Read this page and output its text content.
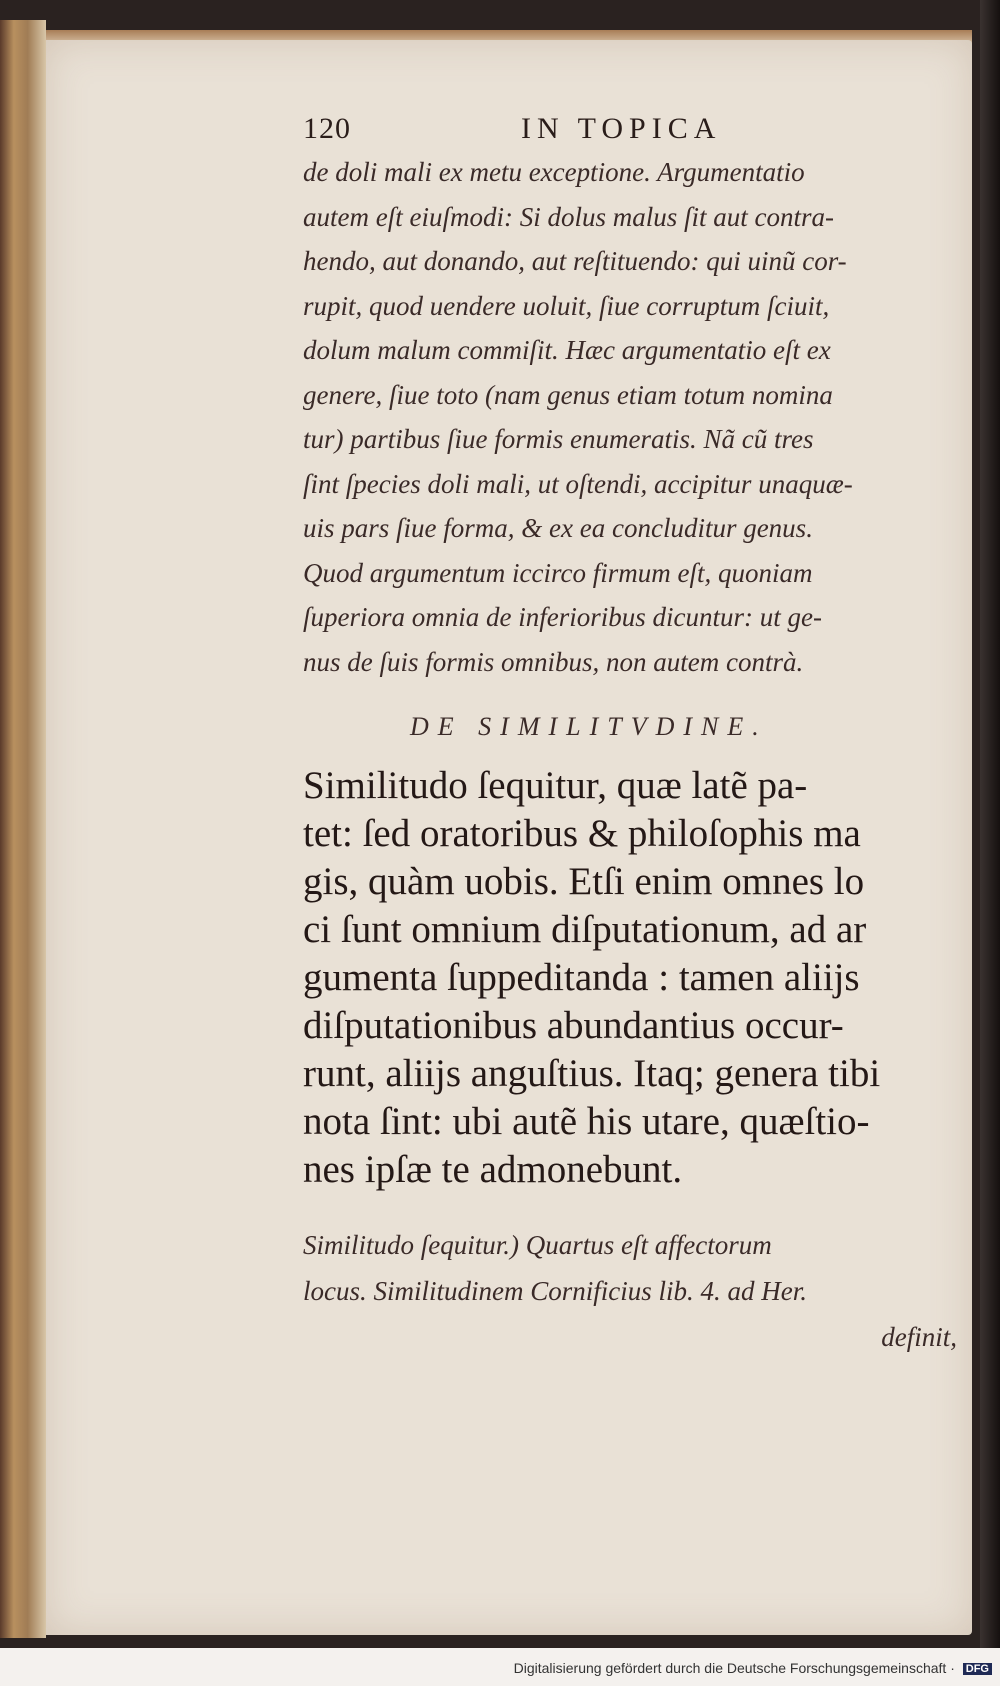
120	IN TOPICA
de doli mali ex metu exceptione. Argumentatio
autem eſt eiuſmodi: Si dolus malus ſit aut contra-
hendo, aut donando, aut reſtituendo: qui uinũ cor-
rupit, quod uendere uoluit, ſiue corruptum ſciuit,
dolum malum commiſit. Hæc argumentatio eſt ex
genere, ſiue toto (nam genus etiam totum nomina
tur) partibus ſiue formis enumeratis. Nã cũ tres
ſint ſpecies doli mali, ut oſtendi, accipitur unaquæ-
uis pars ſiue forma, & ex ea concluditur genus.
Quod argumentum iccirco firmum eſt, quoniam
ſuperiora omnia de inferioribus dicuntur: ut ge-
nus de ſuis formis omnibus, non autem contrà.
DE SIMILITVDINE.
Similitudo ſequitur, quæ latẽ pa-
tet: ſed oratoribus & philoſophis ma
gis, quàm uobis. Etſi enim omnes lo
ci ſunt omnium diſputationum, ad ar
gumenta ſuppeditanda : tamen aliĳs
diſputationibus abundantius occur-
runt, aliĳs anguſtius. Itaq; genera tibi
nota ſint: ubi autẽ his utare, quæſtio-
nes ipſæ te admonebunt.
Similitudo ſequitur.) Quartus eſt affectorum
locus. Similitudinem Cornificius lib. 4. ad Her.
definit,
Digitalisierung gefördert durch die Deutsche Forschungsgemeinschaft · DFG
